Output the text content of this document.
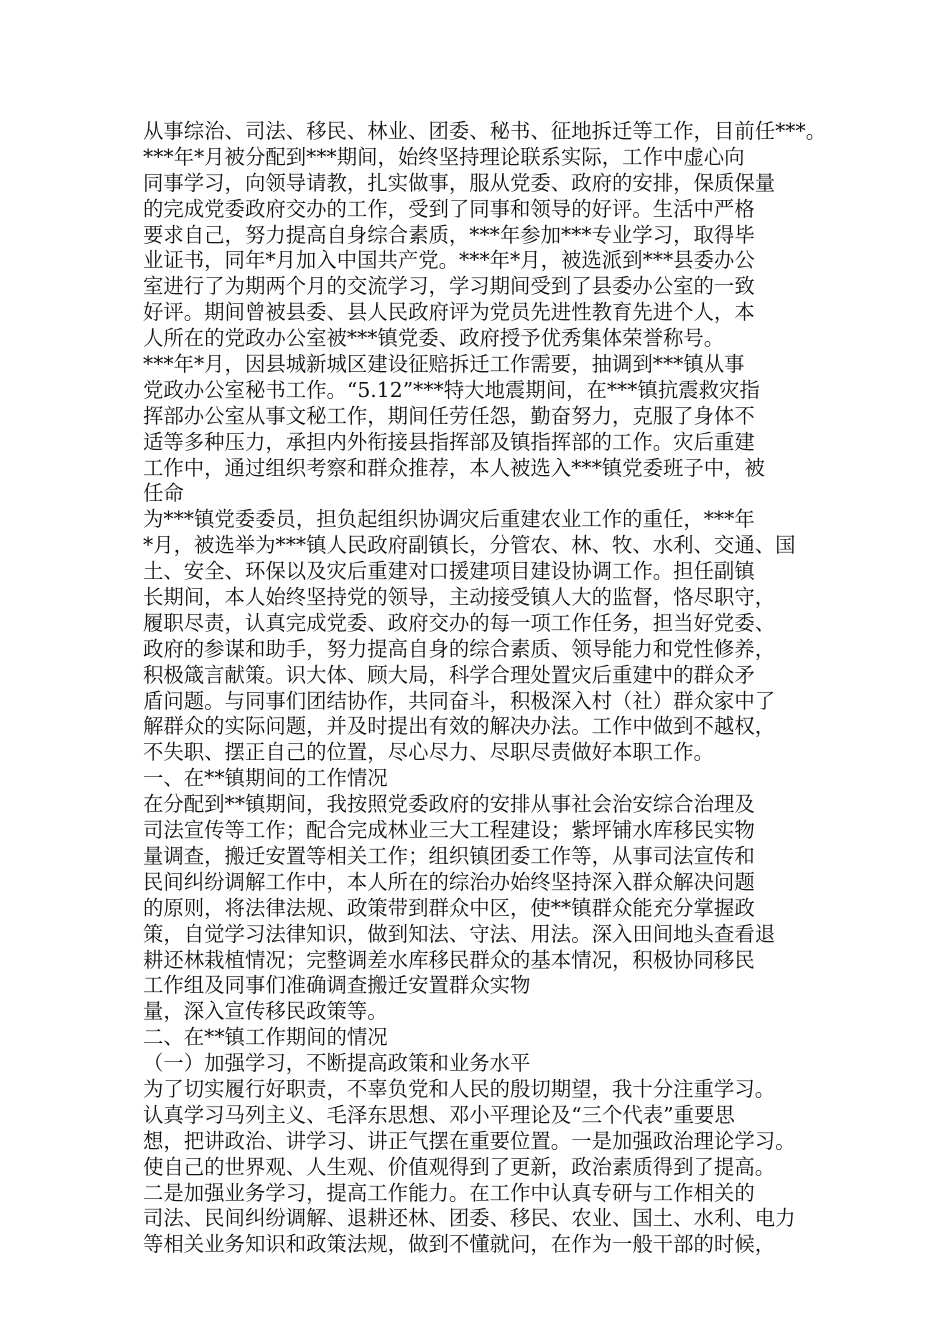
从事综治、司法、移民、林业、团委、秘书、征地拆迁等工作，目前任***。
***年*月被分配到***期间，始终坚持理论联系实际，工作中虚心向
同事学习，向领导请教，扎实做事，服从党委、政府的安排，保质保量
的完成党委政府交办的工作，受到了同事和领导的好评。生活中严格
要求自己，努力提高自身综合素质，***年参加***专业学习，取得毕
业证书，同年*月加入中国共产党。***年*月，被选派到***县委办公
室进行了为期两个月的交流学习，学习期间受到了县委办公室的一致
好评。期间曾被县委、县人民政府评为党员先进性教育先进个人，本
人所在的党政办公室被***镇党委、政府授予优秀集体荣誉称号。
***年*月，因县城新城区建设征赔拆迁工作需要，抽调到***镇从事
党政办公室秘书工作。“5.12”***特大地震期间，在***镇抗震救灾指
挥部办公室从事文秘工作，期间任劳任怨，勤奋努力，克服了身体不
适等多种压力，承担内外衔接县指挥部及镇指挥部的工作。灾后重建
工作中，通过组织考察和群众推荐，本人被选入***镇党委班子中，被
任命
为***镇党委委员，担负起组织协调灾后重建农业工作的重任，***年
*月，被选举为***镇人民政府副镇长，分管农、林、牧、水利、交通、国
土、安全、环保以及灾后重建对口援建项目建设协调工作。担任副镇
长期间，本人始终坚持党的领导，主动接受镇人大的监督，恪尽职守，
履职尽责，认真完成党委、政府交办的每一项工作任务，担当好党委、
政府的参谋和助手，努力提高自身的综合素质、领导能力和党性修养，
积极箴言献策。识大体、顾大局，科学合理处置灾后重建中的群众矛
盾问题。与同事们团结协作，共同奋斗，积极深入村（社）群众家中了
解群众的实际问题，并及时提出有效的解决办法。工作中做到不越权，
不失职、摆正自己的位置，尽心尽力、尽职尽责做好本职工作。
一、在**镇期间的工作情况
在分配到**镇期间，我按照党委政府的安排从事社会治安综合治理及
司法宣传等工作；配合完成林业三大工程建设；紫坪铺水库移民实物
量调查，搬迁安置等相关工作；组织镇团委工作等，从事司法宣传和
民间纠纷调解工作中，本人所在的综治办始终坚持深入群众解决问题
的原则，将法律法规、政策带到群众中区，使**镇群众能充分掌握政
策，自觉学习法律知识，做到知法、守法、用法。深入田间地头查看退
耕还林栽植情况；完整调差水库移民群众的基本情况，积极协同移民
工作组及同事们准确调查搬迁安置群众实物
量，深入宣传移民政策等。
二、在**镇工作期间的情况
（一）加强学习，不断提高政策和业务水平
为了切实履行好职责，不辜负党和人民的殷切期望，我十分注重学习。
认真学习马列主义、毛泽东思想、邓小平理论及“三个代表”重要思
想，把讲政治、讲学习、讲正气摆在重要位置。一是加强政治理论学习。
使自己的世界观、人生观、价值观得到了更新，政治素质得到了提高。
二是加强业务学习，提高工作能力。在工作中认真专研与工作相关的
司法、民间纠纷调解、退耕还林、团委、移民、农业、国土、水利、电力
等相关业务知识和政策法规，做到不懂就问，在作为一般干部的时候，
